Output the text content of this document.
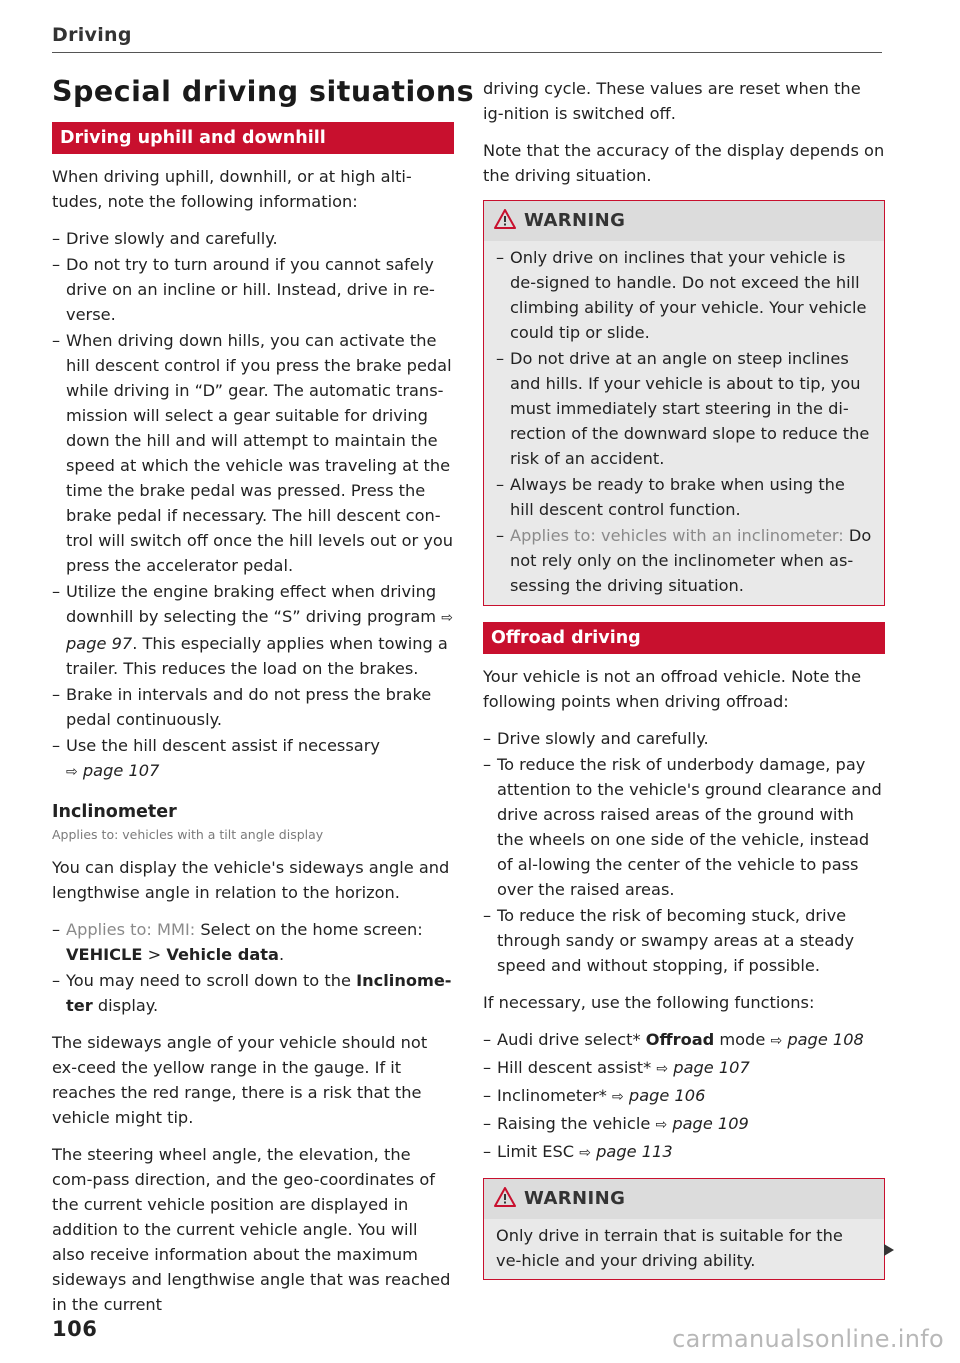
Driving
Special driving situations
Driving uphill and downhill

When driving uphill, downhill, or at high alti-tudes, note the following information:

– Drive slowly and carefully.
– Do not try to turn around if you cannot safely drive on an incline or hill. Instead, drive in re-verse.
– When driving down hills, you can activate the hill descent control if you press the brake pedal while driving in “D” gear. The automatic trans-mission will select a gear suitable for driving down the hill and will attempt to maintain the speed at which the vehicle was traveling at the time the brake pedal was pressed. Press the brake pedal if necessary. The hill descent con-trol will switch off once the hill levels out or you press the accelerator pedal.
– Utilize the engine braking effect when driving downhill by selecting the “S” driving program ⇨ page 97. This especially applies when towing a trailer. This reduces the load on the brakes.
– Brake in intervals and do not press the brake pedal continuously.
– Use the hill descent assist if necessary
⇨ page 107
Inclinometer
Applies to: vehicles with a tilt angle display

You can display the vehicle's sideways angle and lengthwise angle in relation to the horizon.

– Applies to: MMI: Select on the home screen:
VEHICLE > Vehicle data.
– You may need to scroll down to the Inclinome-ter display.

The sideways angle of your vehicle should not ex-ceed the yellow range in the gauge. If it reaches the red range, there is a risk that the vehicle might tip.

The steering wheel angle, the elevation, the com-pass direction, and the geo-coordinates of the current vehicle position are displayed in addition to the current vehicle angle. You will also receive information about the maximum sideways and lengthwise angle that was reached in the current

driving cycle. These values are reset when the ig-nition is switched off.

Note that the accuracy of the display depends on the driving situation.

WARNING
– Only drive on inclines that your vehicle is de-signed to handle. Do not exceed the hill climbing ability of your vehicle. Your vehicle could tip or slide.
– Do not drive at an angle on steep inclines and hills. If your vehicle is about to tip, you must immediately start steering in the di-rection of the downward slope to reduce the risk of an accident.
– Always be ready to brake when using the hill descent control function.
– Applies to: vehicles with an inclinometer: Do not rely only on the inclinometer when as-sessing the driving situation.
Offroad driving

Your vehicle is not an offroad vehicle. Note the following points when driving offroad:

– Drive slowly and carefully.
– To reduce the risk of underbody damage, pay attention to the vehicle's ground clearance and drive across raised areas of the ground with the wheels on one side of the vehicle, instead of al-lowing the center of the vehicle to pass over the raised areas.
– To reduce the risk of becoming stuck, drive through sandy or swampy areas at a steady speed and without stopping, if possible.

If necessary, use the following functions:

– Audi drive select* Offroad mode ⇨ page 108
– Hill descent assist* ⇨ page 107
– Inclinometer* ⇨ page 106
– Raising the vehicle ⇨ page 109
– Limit ESC ⇨ page 113
WARNING

Only drive in terrain that is suitable for the ve-hicle and your driving ability.

106	carmanualsonline.info
